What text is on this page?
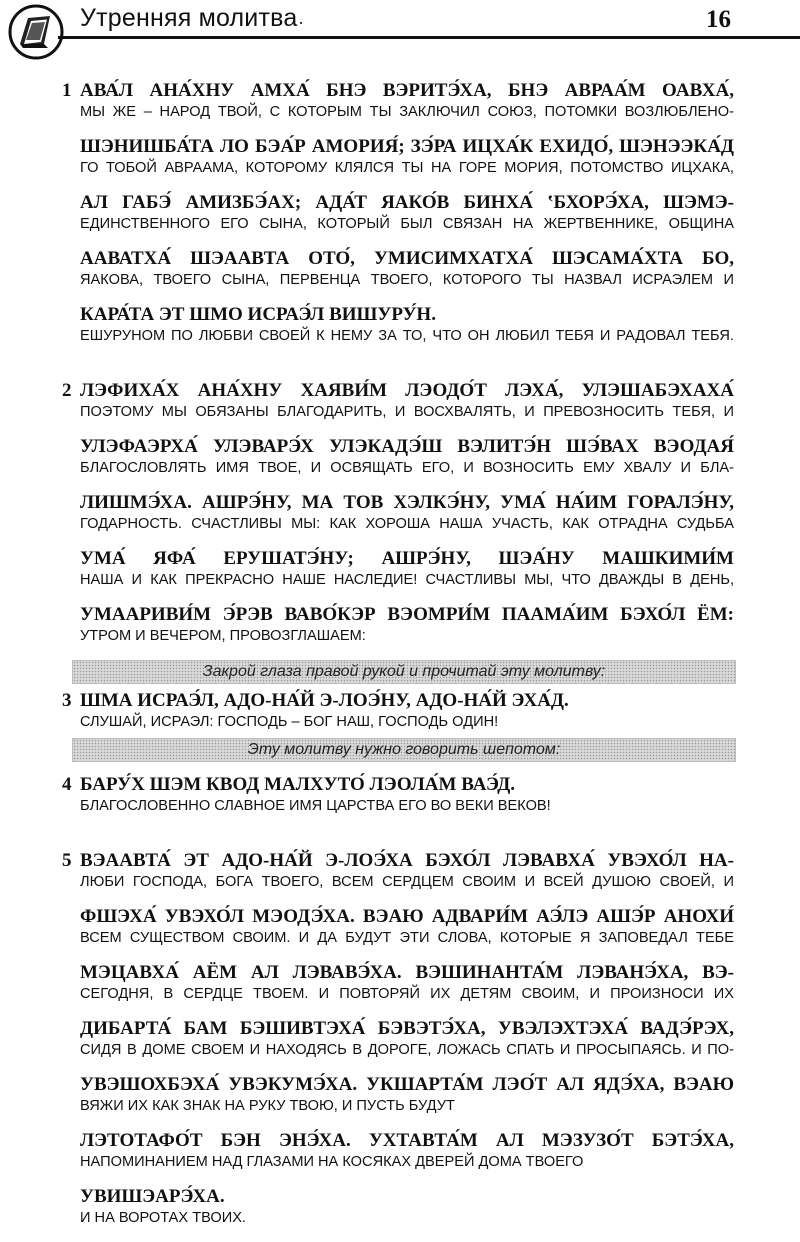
Утренняя молитва ·	16
1 АВА́Л АНА́ХНУ АМХА́ БНЭ ВЭРИТЭ́ХА, БНЭ АВРАА́М ОАВХА́,
МЫ ЖЕ – НАРОД ТВОЙ, С КОТОРЫМ ТЫ ЗАКЛЮЧИЛ СОЮЗ, ПОТОМКИ ВОЗЛЮБЛЕНО-
ШЭНИШБА́ТА ЛО БЭА́Р АМОРИЯ́; ЗЭ́РА ИЦХА́К ЕХИДО́, ШЭНЭЭКА́Д
ГО ТОБОЙ АВРААМА, КОТОРОМУ КЛЯЛСЯ ТЫ НА ГОРЕ МОРИЯ, ПОТОМСТВО ИЦХАКА,
АЛ ГАБЭ́ АМИЗБЭ́АХ; АДА́Т ЯАКО́В БИНХА́ ʽБХОРЭ́ХА, ШЭМЭ-
ЕДИНСТВЕННОГО ЕГО СЫНА, КОТОРЫЙ БЫЛ СВЯЗАН НА ЖЕРТВЕННИКЕ, ОБЩИНА
ААВАТХА́ ШЭААВТА ОТО́, УМИСИМХАТХА́ ШЭСАМА́ХТА БО,
ЯАКОВА, ТВОЕГО СЫНА, ПЕРВЕНЦА ТВОЕГО, КОТОРОГО ТЫ НАЗВАЛ ИСРАЭЛЕМ И
КАРА́ТА ЭТ ШМО ИСРАЭ́Л ВИШУРУ́Н.
ЕШУРУНОМ ПО ЛЮБВИ СВОЕЙ К НЕМУ ЗА ТО, ЧТО ОН ЛЮБИЛ ТЕБЯ И РАДОВАЛ ТЕБЯ.
2 ЛЭФИХА́Х АНА́ХНУ ХАЯВИ́М ЛЭОДО́Т ЛЭХА́, УЛЭШАБЭХАХА́
ПОЭТОМУ МЫ ОБЯЗАНЫ БЛАГОДАРИТЬ, И ВОСХВАЛЯТЬ, И ПРЕВОЗНОСИТЬ ТЕБЯ, И
УЛЭФАЭРХА́ УЛЭВАРЭ́Х УЛЭКАДЭ́Ш ВЭЛИТЭ́Н ШЭ́ВАХ ВЭОДАЯ́
БЛАГОСЛОВЛЯТЬ ИМЯ ТВОЕ, И ОСВЯЩАТЬ ЕГО, И ВОЗНОСИТЬ ЕМУ ХВАЛУ И БЛА-
ЛИШМЭ́ХА. АШРЭ́НУ, МА ТОВ ХЭЛКЭ́НУ, УМА́ НА́ИМ ГОРАЛЭ́НУ,
ГОДАРНОСТЬ. СЧАСТЛИВЫ МЫ: КАК ХОРОША НАША УЧАСТЬ, КАК ОТРАДНА СУДЬБА
УМА́ ЯФА́ ЕРУШАТЭ́НУ; АШРЭ́НУ, ШЭА́НУ МАШКИМИ́М
НАША И КАК ПРЕКРАСНО НАШЕ НАСЛЕДИЕ! СЧАСТЛИВЫ МЫ, ЧТО ДВАЖДЫ В ДЕНЬ,
УМААРИВИ́М Э́РЭВ ВАВО́КЭР ВЭОМРИ́М ПААМА́ИМ БЭХО́Л ЁМ:
УТРОМ И ВЕЧЕРОМ, ПРОВОЗГЛАШАЕМ:
Закрой глаза правой рукой и прочитай эту молитву:
3 ШМА ИСРАЭ́Л, АДО-НА́Й Э-ЛОЭ́НУ, АДО-НА́Й ЭХА́Д.
СЛУШАЙ, ИСРАЭЛ: ГОСПОДЬ – БОГ НАШ, ГОСПОДЬ ОДИН!
Эту молитву нужно говорить шепотом:
4 БАРУ́Х ШЭМ КВОД МАЛХУТО́ ЛЭОЛА́М ВАЭ́Д.
БЛАГОСЛОВЕННО СЛАВНОЕ ИМЯ ЦАРСТВА ЕГО ВО ВЕКИ ВЕКОВ!
5 ВЭААВТА́ ЭТ АДО-НА́Й Э-ЛОЭ́ХА БЭХО́Л ЛЭВАВХА́ УВЭХО́Л НА-
ЛЮБИ ГОСПОДА, БОГА ТВОЕГО, ВСЕМ СЕРДЦЕМ СВОИМ И ВСЕЙ ДУШОЮ СВОЕЙ, И
ФШЭХА́ УВЭХО́Л МЭОДЭ́ХА. ВЭАЮ АДВАРИ́М АЭ́ЛЭ АШЭ́Р АНОХИ́
ВСЕМ СУЩЕСТВОМ СВОИМ. И ДА БУДУТ ЭТИ СЛОВА, КОТОРЫЕ Я ЗАПОВЕДАЛ ТЕБЕ
МЭЦАВХА́ АЁМ АЛ ЛЭВАВЭ́ХА. ВЭШИНАНТА́М ЛЭВАНЭ́ХА, ВЭ-
СЕГОДНЯ, В СЕРДЦЕ ТВОЕМ. И ПОВТОРЯЙ ИХ ДЕТЯМ СВОИМ, И ПРОИЗНОСИ ИХ
ДИБАРТА́ БАМ БЭШИВТЭХА́ БЭВЭТЭ́ХА, УВЭЛЭХТЭХА́ ВАДЭ́РЭХ,
СИДЯ В ДОМЕ СВОЕМ И НАХОДЯСЬ В ДОРОГЕ, ЛОЖАСЬ СПАТЬ И ПРОСЫПАЯСЬ. И ПО-
УВЭШОХБЭХА́ УВЭКУМЭ́ХА. УКШАРТА́М ЛЭО́Т АЛ ЯДЭ́ХА, ВЭАЮ
ВЯЖИ ИХ КАК ЗНАК НА РУКУ ТВОЮ, И ПУСТЬ БУДУТ
ЛЭТОТАФО́Т БЭН ЭНЭ́ХА. УХТАВТА́М АЛ МЭЗУЗО́Т БЭТЭ́ХА,
НАПОМИНАНИЕМ НАД ГЛАЗАМИ НА КОСЯКАХ ДВЕРЕЙ ДОМА ТВОЕГО
УВИШЭАРЭ́ХА.
И НА ВОРОТАХ ТВОИХ.
